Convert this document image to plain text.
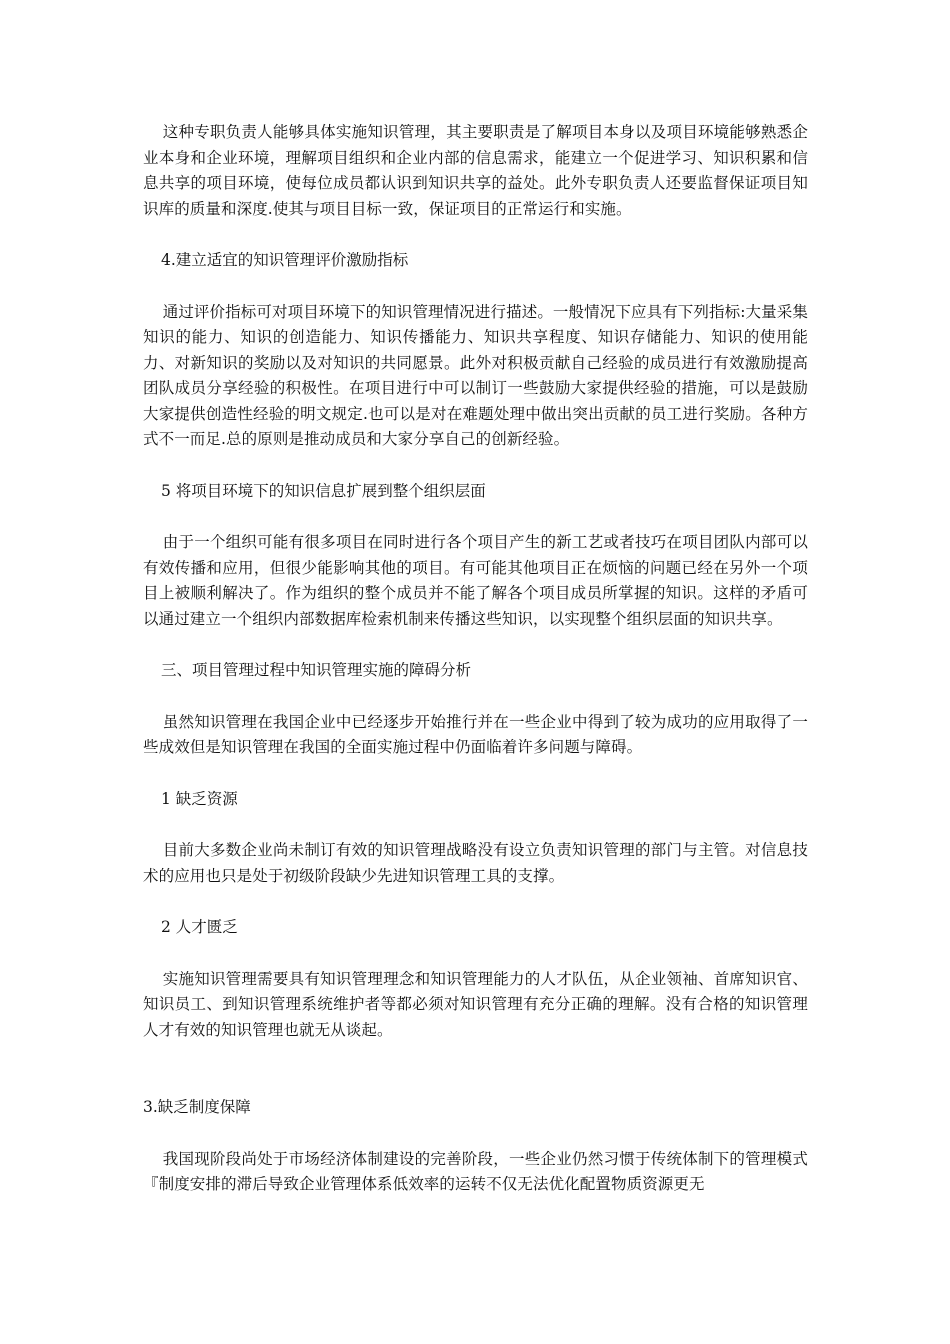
这种专职负责人能够具体实施知识管理，其主要职责是了解项目本身以及项目环境能够熟悉企业本身和企业环境，理解项目组织和企业内部的信息需求，能建立一个促进学习、知识积累和信息共享的项目环境，使每位成员都认识到知识共享的益处。此外专职负责人还要监督保证项目知识库的质量和深度.使其与项目目标一致，保证项目的正常运行和实施。

4.建立适宜的知识管理评价激励指标

通过评价指标可对项目环境下的知识管理情况进行描述。一般情况下应具有下列指标:大量采集知识的能力、知识的创造能力、知识传播能力、知识共享程度、知识存储能力、知识的使用能力、对新知识的奖励以及对知识的共同愿景。此外对积极贡献自己经验的成员进行有效激励提高团队成员分享经验的积极性。在项目进行中可以制订一些鼓励大家提供经验的措施，可以是鼓励大家提供创造性经验的明文规定.也可以是对在难题处理中做出突出贡献的员工进行奖励。各种方式不一而足.总的原则是推动成员和大家分享自己的创新经验。

5 将项目环境下的知识信息扩展到整个组织层面

由于一个组织可能有很多项目在同时进行各个项目产生的新工艺或者技巧在项目团队内部可以有效传播和应用，但很少能影响其他的项目。有可能其他项目正在烦恼的问题已经在另外一个项目上被顺利解决了。作为组织的整个成员并不能了解各个项目成员所掌握的知识。这样的矛盾可以通过建立一个组织内部数据库检索机制来传播这些知识，以实现整个组织层面的知识共享。

三、项目管理过程中知识管理实施的障碍分析

虽然知识管理在我国企业中已经逐步开始推行并在一些企业中得到了较为成功的应用取得了一些成效但是知识管理在我国的全面实施过程中仍面临着许多问题与障碍。

1 缺乏资源

目前大多数企业尚未制订有效的知识管理战略没有设立负责知识管理的部门与主管。对信息技术的应用也只是处于初级阶段缺少先进知识管理工具的支撑。

2 人才匮乏

实施知识管理需要具有知识管理理念和知识管理能力的人才队伍，从企业领袖、首席知识官、知识员工、到知识管理系统维护者等都必须对知识管理有充分正确的理解。没有合格的知识管理人才有效的知识管理也就无从谈起。

3.缺乏制度保障

我国现阶段尚处于市场经济体制建设的完善阶段，一些企业仍然习惯于传统体制下的管理模式『制度安排的滞后导致企业管理体系低效率的运转不仅无法优化配置物质资源更无
